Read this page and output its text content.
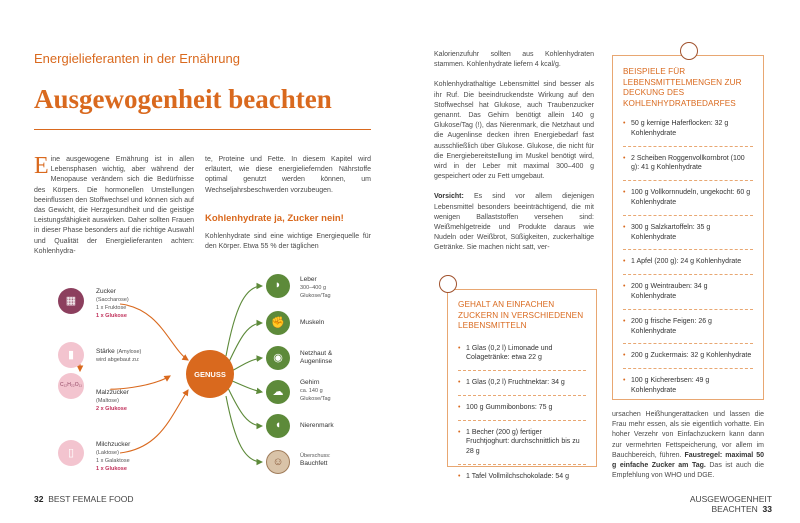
Energielieferanten in der Ernährung
Ausgewogenheit beachten
Eine ausgewogene Ernährung ist in allen Lebensphasen wichtig, aber während der Menopause verändern sich die Bedürfnisse des Körpers. Die hormonellen Umstellungen beeinflussen den Stoffwechsel und können sich auf das Gewicht, die Herzgesundheit und die geistige Leistungsfähigkeit auswirken. Daher sollten Frauen in dieser Phase besonders auf die richtige Auswahl und Qualität der Energielieferanten achten: Kohlenhydra-
te, Proteine und Fette. In diesem Kapitel wird erläutert, wie diese energieliefernden Nährstoffe optimal genutzt werden können, um Wechseljahrsbeschwerden vorzubeugen.
Kohlenhydrate ja, Zucker nein!
Kohlenhydrate sind eine wichtige Energiequelle für den Körper. Etwa 55 % der täglichen
GENUSS
▦
▮
C₁₂H₂₂O₁₁
▯
Zucker
(Saccharose)
1 x Fruktose
1 x Glukose
Stärke (Amylose)
wird abgebaut zu:
Malzzucker
(Maltose)
2 x Glukose
Milchzucker
(Laktose)
1 x Galaktose
1 x Glukose
◗
✊
◉
☁
◖
☺
Leber
300–400 g Glukose/Tag
Muskeln
Netzhaut & Augenlinse
Gehirn
ca. 140 g Glukose/Tag
Nierenmark
Überschuss:
Bauchfett
32 BEST FEMALE FOOD
Kalorienzufuhr sollten aus Kohlenhydraten stammen. Kohlenhydrate liefern 4 kcal/g.
Kohlenhydrathaltige Lebensmittel sind besser als ihr Ruf. Die beeindruckendste Wirkung auf den Stoffwechsel hat Glukose, auch Traubenzucker genannt. Das Gehirn benötigt allein 140 g Glukose/Tag (!), das Nierenmark, die Netzhaut und die Augenlinse decken ihren Energiebedarf fast ausschließlich über Glukose. Glukose, die nicht für die Energiebereitstellung im Muskel benötigt wird, wird in der Leber mit maximal 300–400 g gespeichert oder zu Fett umgebaut.
Vorsicht: Es sind vor allem diejenigen Lebensmittel besonders beeinträchtigend, die mit wenigen Ballaststoffen versehen sind: Weißmehlgetreide und Produkte daraus wie Nudeln oder Weißbrot, Süßigkeiten, zuckerhaltige Getränke. Sie machen nicht satt, ver-
GEHALT AN EINFACHEN ZUCKERN IN VERSCHIEDENEN LEBENSMITTELN
• 1 Glas (0,2 l) Limonade und Colagetränke: etwa 22 g
• 1 Glas (0,2 l) Fruchtnektar: 34 g
• 100 g Gummibonbons: 75 g
• 1 Becher (200 g) fertiger Fruchtjoghurt: durchschnittlich bis zu 28 g
• 1 Tafel Vollmilchschokolade: 54 g
BEISPIELE FÜR LEBENSMITTELMENGEN ZUR DECKUNG DES KOHLENHYDRATBEDARFES
• 50 g kernige Haferflocken: 32 g Kohlenhydrate
• 2 Scheiben Roggenvollkornbrot (100 g): 41 g Kohlenhydrate
• 100 g Vollkornnudeln, ungekocht: 60 g Kohlenhydrate
• 300 g Salzkartoffeln: 35 g Kohlenhydrate
• 1 Apfel (200 g): 24 g Kohlenhydrate
• 200 g Weintrauben: 34 g Kohlenhydrate
• 200 g frische Feigen: 26 g Kohlenhydrate
• 200 g Zuckermais: 32 g Kohlenhydrate
• 100 g Kichererbsen: 49 g Kohlenhydrate
ursachen Heißhungerattacken und lassen die Frau mehr essen, als sie eigentlich vorhatte. Ein hoher Verzehr von Einfachzuckern kann dann zur vermehrten Fettspeicherung, vor allem im Bauchbereich, führen. Faustregel: maximal 50 g einfache Zucker am Tag. Das ist auch die Empfehlung von WHO und DGE.
AUSGEWOGENHEIT BEACHTEN 33
